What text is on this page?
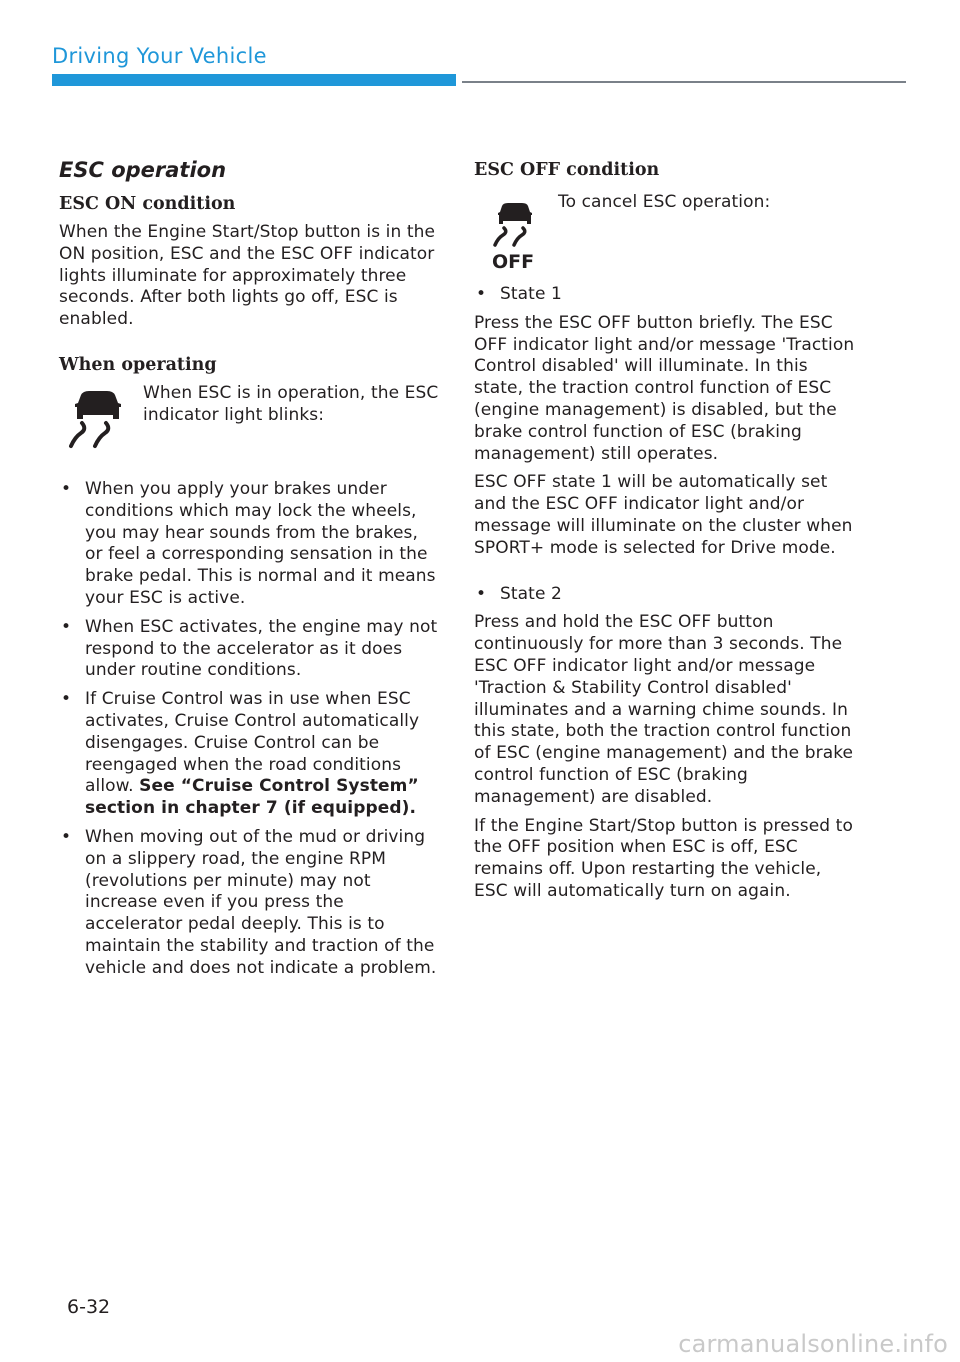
Driving Your Vehicle
ESC operation
ESC ON condition

When the Engine Start/Stop button is in the ON position, ESC and the ESC OFF indicator lights illuminate for approximately three seconds. After both lights go off, ESC is enabled.

When operating

When ESC is in operation, the ESC indicator light blinks:

• When you apply your brakes under conditions which may lock the wheels, you may hear sounds from the brakes, or feel a corresponding sensation in the brake pedal. This is normal and it means your ESC is active.
• When ESC activates, the engine may not respond to the accelerator as it does under routine conditions.
• If Cruise Control was in use when ESC activates, Cruise Control automatically disengages. Cruise Control can be reengaged when the road conditions allow. See “Cruise Control System” section in chapter 7 (if equipped).
• When moving out of the mud or driving on a slippery road, the engine RPM (revolutions per minute) may not increase even if you press the accelerator pedal deeply. This is to maintain the stability and traction of the vehicle and does not indicate a problem.
ESC OFF condition
OFF

To cancel ESC operation:

• State 1

Press the ESC OFF button briefly. The ESC OFF indicator light and/or message 'Traction Control disabled' will illuminate. In this state, the traction control function of ESC (engine management) is disabled, but the brake control function of ESC (braking management) still operates.

ESC OFF state 1 will be automatically set and the ESC OFF indicator light and/or message will illuminate on the cluster when SPORT+ mode is selected for Drive mode.

• State 2

Press and hold the ESC OFF button continuously for more than 3 seconds. The ESC OFF indicator light and/or message 'Traction & Stability Control disabled' illuminates and a warning chime sounds. In this state, both the traction control function of ESC (engine management) and the brake control function of ESC (braking management) are disabled.

If the Engine Start/Stop button is pressed to the OFF position when ESC is off, ESC remains off. Upon restarting the vehicle, ESC will automatically turn on again.

6-32
carmanualsonline.info
